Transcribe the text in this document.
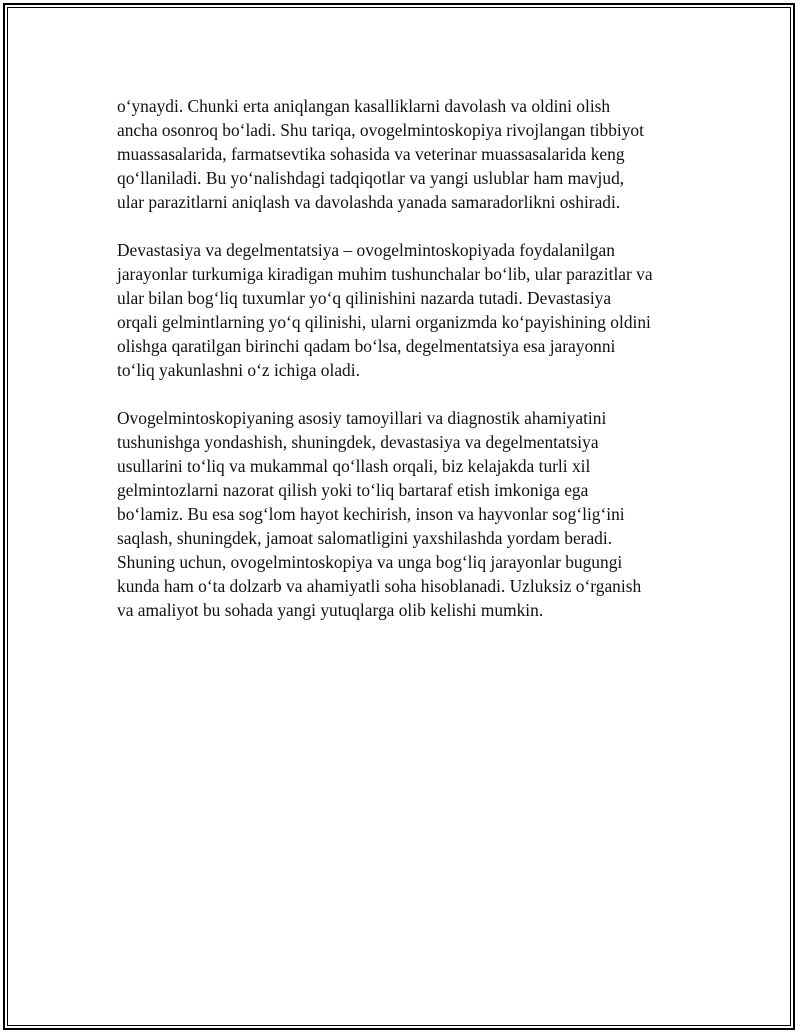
o‘ynaydi. Chunki erta aniqlangan kasalliklarni davolash va oldini olish
ancha osonroq bo‘ladi. Shu tariqa, ovogelmintoskopiya rivojlangan tibbiyot
muassasalarida, farmatsevtika sohasida va veterinar muassasalarida keng
qo‘llaniladi. Bu yo‘nalishdagi tadqiqotlar va yangi uslublar ham mavjud,
ular parazitlarni aniqlash va davolashda yanada samaradorlikni oshiradi.

Devastasiya va degelmentatsiya – ovogelmintoskopiyada foydalanilgan
jarayonlar turkumiga kiradigan muhim tushunchalar bo‘lib, ular parazitlar va
ular bilan bog‘liq tuxumlar yo‘q qilinishini nazarda tutadi. Devastasiya
orqali gelmintlarning yo‘q qilinishi, ularni organizmda ko‘payishining oldini
olishga qaratilgan birinchi qadam bo‘lsa, degelmentatsiya esa jarayonni
to‘liq yakunlashni o‘z ichiga oladi.

Ovogelmintoskopiyaning asosiy tamoyillari va diagnostik ahamiyatini
tushunishga yondashish, shuningdek, devastasiya va degelmentatsiya
usullarini to‘liq va mukammal qo‘llash orqali, biz kelajakda turli xil
gelmintozlarni nazorat qilish yoki to‘liq bartaraf etish imkoniga ega
bo‘lamiz. Bu esa sog‘lom hayot kechirish, inson va hayvonlar sog‘lig‘ini
saqlash, shuningdek, jamoat salomatligini yaxshilashda yordam beradi.
Shuning uchun, ovogelmintoskopiya va unga bog‘liq jarayonlar bugungi
kunda ham o‘ta dolzarb va ahamiyatli soha hisoblanadi. Uzluksiz o‘rganish
va amaliyot bu sohada yangi yutuqlarga olib kelishi mumkin.
